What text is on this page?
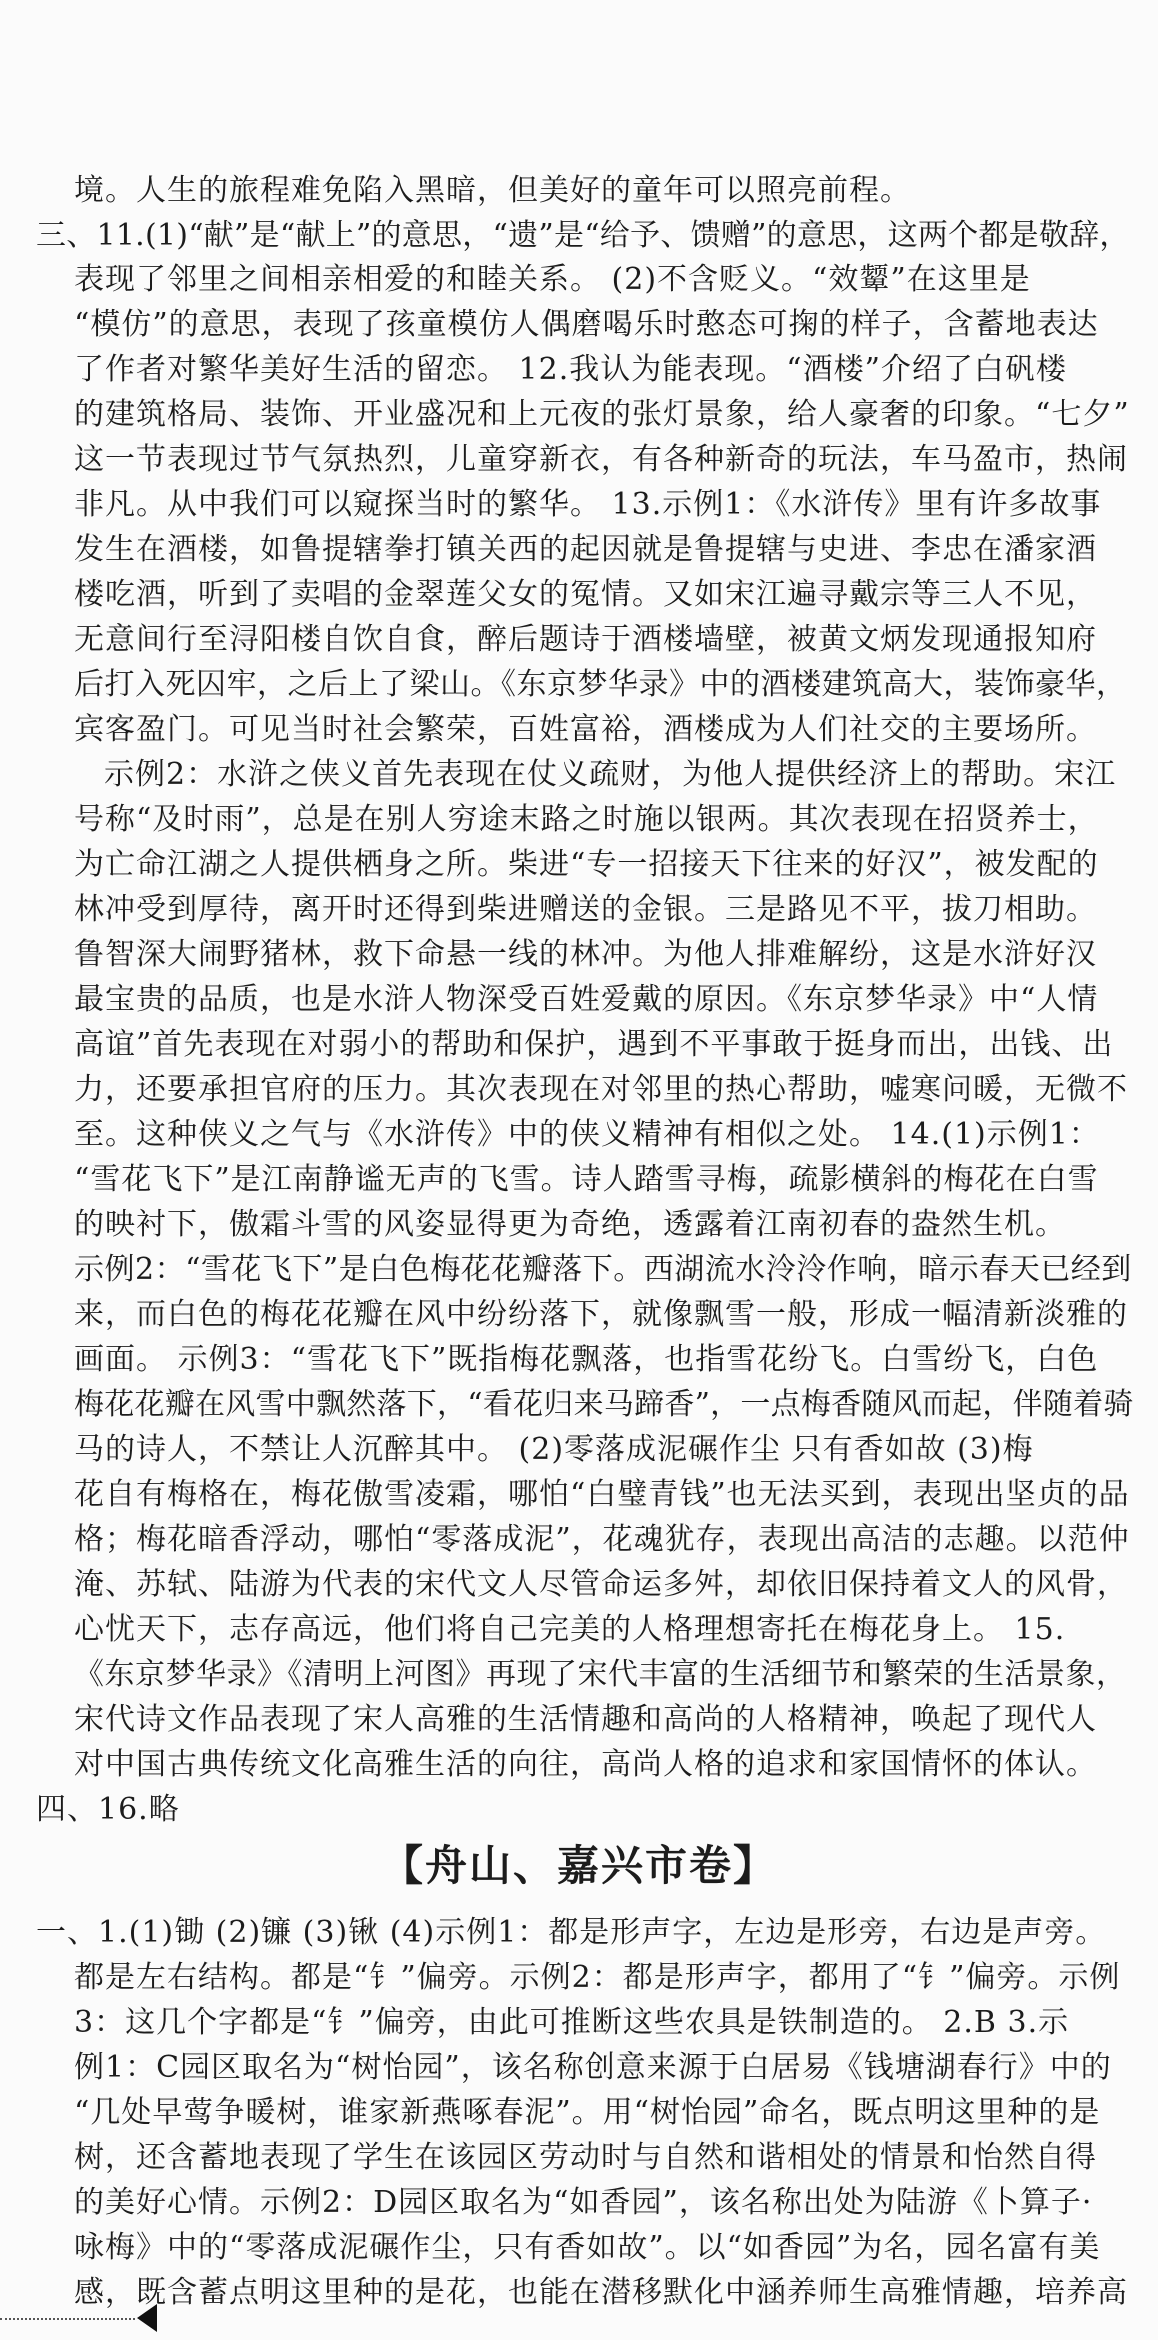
境。人生的旅程难免陷入黑暗，但美好的童年可以照亮前程。
三、11.(1)“献”是“献上”的意思，“遗”是“给予、馈赠”的意思，这两个都是敬辞，
表现了邻里之间相亲相爱的和睦关系。 (2)不含贬义。“效颦”在这里是
“模仿”的意思，表现了孩童模仿人偶磨喝乐时憨态可掬的样子，含蓄地表达
了作者对繁华美好生活的留恋。 12.我认为能表现。“酒楼”介绍了白矾楼
的建筑格局、装饰、开业盛况和上元夜的张灯景象，给人豪奢的印象。“七夕”
这一节表现过节气氛热烈，儿童穿新衣，有各种新奇的玩法，车马盈市，热闹
非凡。从中我们可以窥探当时的繁华。 13.示例1：《水浒传》里有许多故事
发生在酒楼，如鲁提辖拳打镇关西的起因就是鲁提辖与史进、李忠在潘家酒
楼吃酒，听到了卖唱的金翠莲父女的冤情。又如宋江遍寻戴宗等三人不见，
无意间行至浔阳楼自饮自食，醉后题诗于酒楼墙壁，被黄文炳发现通报知府
后打入死囚牢，之后上了梁山。《东京梦华录》中的酒楼建筑高大，装饰豪华，
宾客盈门。可见当时社会繁荣，百姓富裕，酒楼成为人们社交的主要场所。
示例2：水浒之侠义首先表现在仗义疏财，为他人提供经济上的帮助。宋江
号称“及时雨”，总是在别人穷途末路之时施以银两。其次表现在招贤养士，
为亡命江湖之人提供栖身之所。柴进“专一招接天下往来的好汉”，被发配的
林冲受到厚待，离开时还得到柴进赠送的金银。三是路见不平，拔刀相助。
鲁智深大闹野猪林，救下命悬一线的林冲。为他人排难解纷，这是水浒好汉
最宝贵的品质，也是水浒人物深受百姓爱戴的原因。《东京梦华录》中“人情
高谊”首先表现在对弱小的帮助和保护，遇到不平事敢于挺身而出，出钱、出
力，还要承担官府的压力。其次表现在对邻里的热心帮助，嘘寒问暖，无微不
至。这种侠义之气与《水浒传》中的侠义精神有相似之处。 14.(1)示例1：
“雪花飞下”是江南静谧无声的飞雪。诗人踏雪寻梅，疏影横斜的梅花在白雪
的映衬下，傲霜斗雪的风姿显得更为奇绝，透露着江南初春的盎然生机。
示例2：“雪花飞下”是白色梅花花瓣落下。西湖流水泠泠作响，暗示春天已经到
来，而白色的梅花花瓣在风中纷纷落下，就像飘雪一般，形成一幅清新淡雅的
画面。 示例3：“雪花飞下”既指梅花飘落，也指雪花纷飞。白雪纷飞，白色
梅花花瓣在风雪中飘然落下，“看花归来马蹄香”，一点梅香随风而起，伴随着骑
马的诗人，不禁让人沉醉其中。 (2)零落成泥碾作尘 只有香如故 (3)梅
花自有梅格在，梅花傲雪凌霜，哪怕“白璧青钱”也无法买到，表现出坚贞的品
格；梅花暗香浮动，哪怕“零落成泥”，花魂犹存，表现出高洁的志趣。以范仲
淹、苏轼、陆游为代表的宋代文人尽管命运多舛，却依旧保持着文人的风骨，
心忧天下，志存高远，他们将自己完美的人格理想寄托在梅花身上。 15.
《东京梦华录》《清明上河图》再现了宋代丰富的生活细节和繁荣的生活景象，
宋代诗文作品表现了宋人高雅的生活情趣和高尚的人格精神，唤起了现代人
对中国古典传统文化高雅生活的向往，高尚人格的追求和家国情怀的体认。
四、16.略
【舟山、嘉兴市卷】
一、1.(1)锄 (2)镰 (3)锹 (4)示例1：都是形声字，左边是形旁，右边是声旁。
都是左右结构。都是“钅”偏旁。示例2：都是形声字，都用了“钅”偏旁。示例
3：这几个字都是“钅”偏旁，由此可推断这些农具是铁制造的。 2.B 3.示
例1：C园区取名为“树怡园”，该名称创意来源于白居易《钱塘湖春行》中的
“几处早莺争暖树，谁家新燕啄春泥”。用“树怡园”命名，既点明这里种的是
树，还含蓄地表现了学生在该园区劳动时与自然和谐相处的情景和怡然自得
的美好心情。示例2：D园区取名为“如香园”，该名称出处为陆游《卜算子·
咏梅》中的“零落成泥碾作尘，只有香如故”。以“如香园”为名，园名富有美
感，既含蓄点明这里种的是花，也能在潜移默化中涵养师生高雅情趣，培养高
